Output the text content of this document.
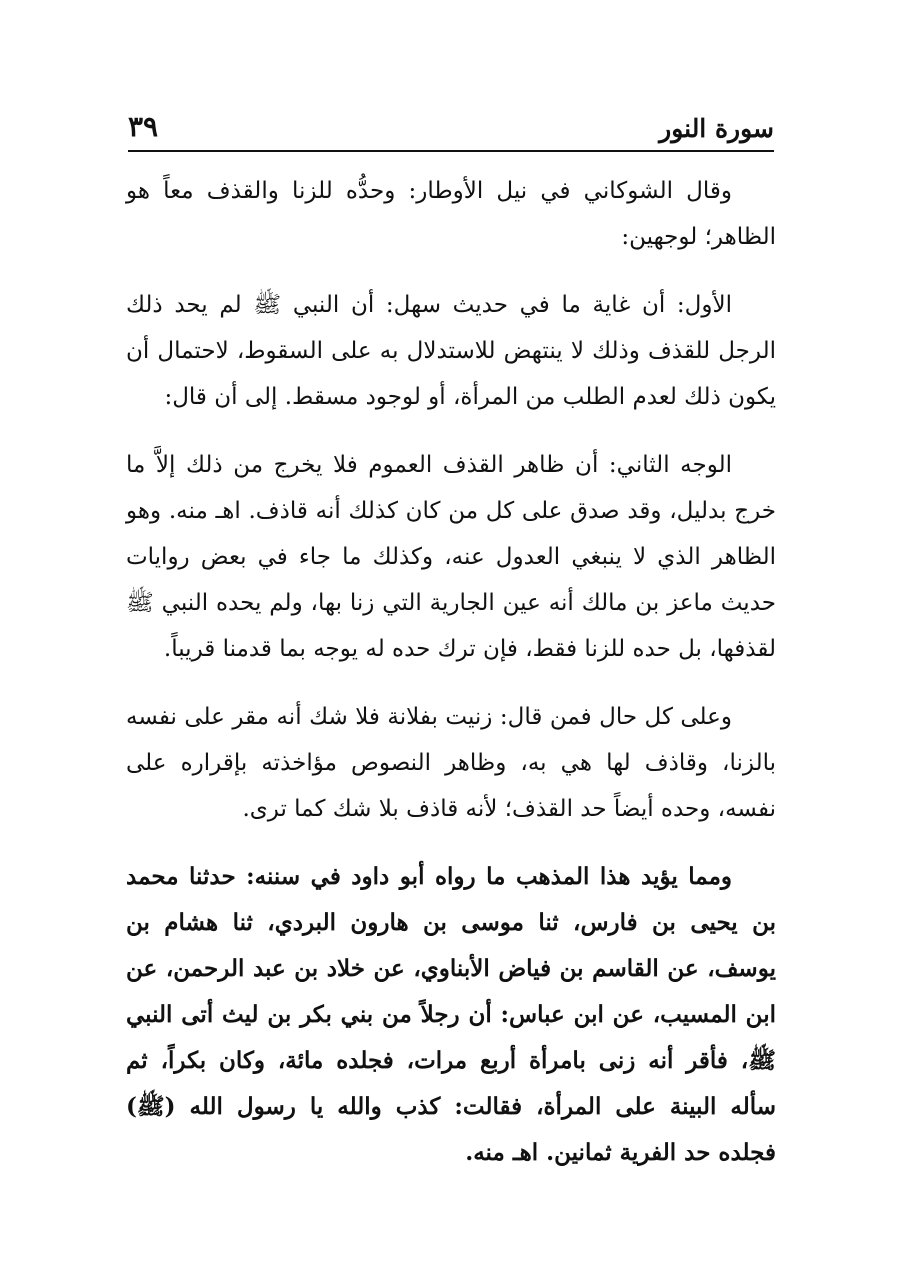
سورة النور
٣٩

وقال الشوكاني في نيل الأوطار: وحدُّه للزنا والقذف معاً هو الظاهر؛ لوجهين:

الأول: أن غاية ما في حديث سهل: أن النبي ﷺ لم يحد ذلك الرجل للقذف وذلك لا ينتهض للاستدلال به على السقوط، لاحتمال أن يكون ذلك لعدم الطلب من المرأة، أو لوجود مسقط. إلى أن قال:

الوجه الثاني: أن ظاهر القذف العموم فلا يخرج من ذلك إلاَّ ما خرج بدليل، وقد صدق على كل من كان كذلك أنه قاذف. اهـ منه. وهو الظاهر الذي لا ينبغي العدول عنه، وكذلك ما جاء في بعض روايات حديث ماعز بن مالك أنه عين الجارية التي زنا بها، ولم يحده النبي ﷺ لقذفها، بل حده للزنا فقط، فإن ترك حده له يوجه بما قدمنا قريباً.

وعلى كل حال فمن قال: زنيت بفلانة فلا شك أنه مقر على نفسه بالزنا، وقاذف لها هي به، وظاهر النصوص مؤاخذته بإقراره على نفسه، وحده أيضاً حد القذف؛ لأنه قاذف بلا شك كما ترى.

ومما يؤيد هذا المذهب ما رواه أبو داود في سننه: حدثنا محمد بن يحيى بن فارس، ثنا موسى بن هارون البردي، ثنا هشام بن يوسف، عن القاسم بن فياض الأبناوي، عن خلاد بن عبد الرحمن، عن ابن المسيب، عن ابن عباس: أن رجلاً من بني بكر بن ليث أتى النبي ﷺ، فأقر أنه زنى بامرأة أربع مرات، فجلده مائة، وكان بكراً، ثم سأله البينة على المرأة، فقالت: كذب والله يا رسول الله (ﷺ) فجلده حد الفرية ثمانين. اهـ منه.
